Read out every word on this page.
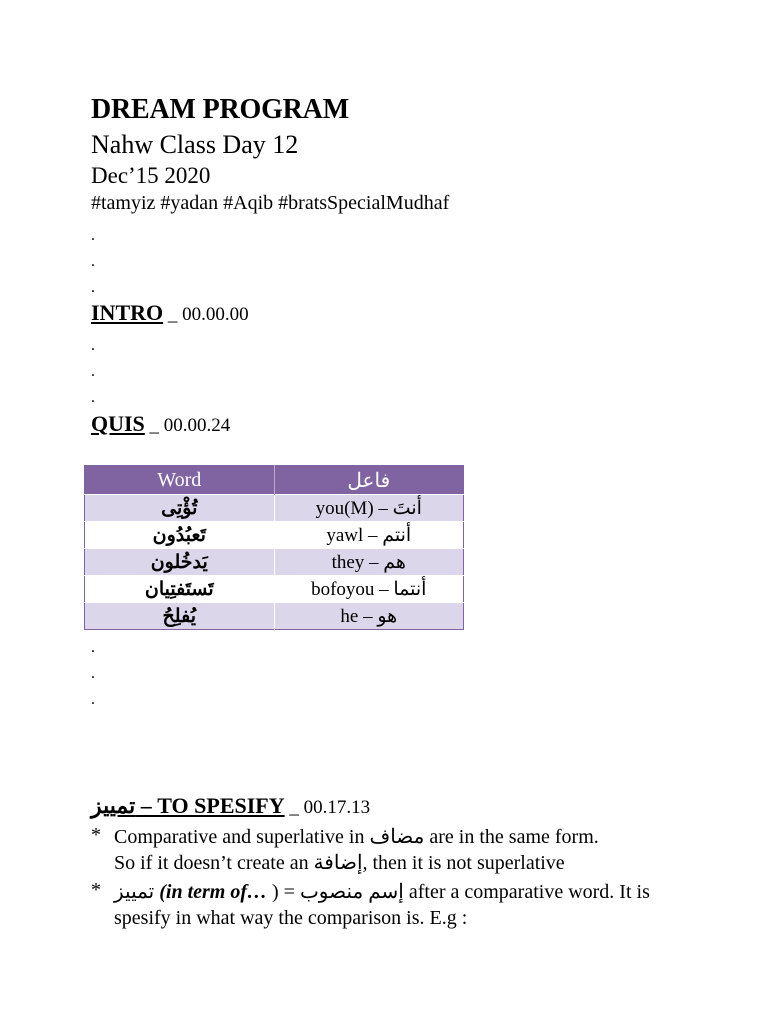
DREAM PROGRAM
Nahw Class Day 12
Dec’15 2020
#tamyiz #yadan #Aqib #bratsSpecialMudhaf
.
.
.
INTRO _ 00.00.00
.
.
.
QUIS _ 00.00.24
Word	فاعل
تُؤْتِى	أنتَ – you(M)
تَعبُدُون	أنتم – yawl
يَدخُلون	هم – they
تَستَفتِيان	أنتما – bofoyou
يُفلِحُ	هو – he
.
.
.
تمييز – TO SPESIFY _ 00.17.13
* Comparative and superlative in مضاف are in the same form.
So if it doesn’t create an إضافة, then it is not superlative
* تمييز (in term of… ) = إسم منصوب after a comparative word. It is
spesify in what way the comparison is. E.g :
